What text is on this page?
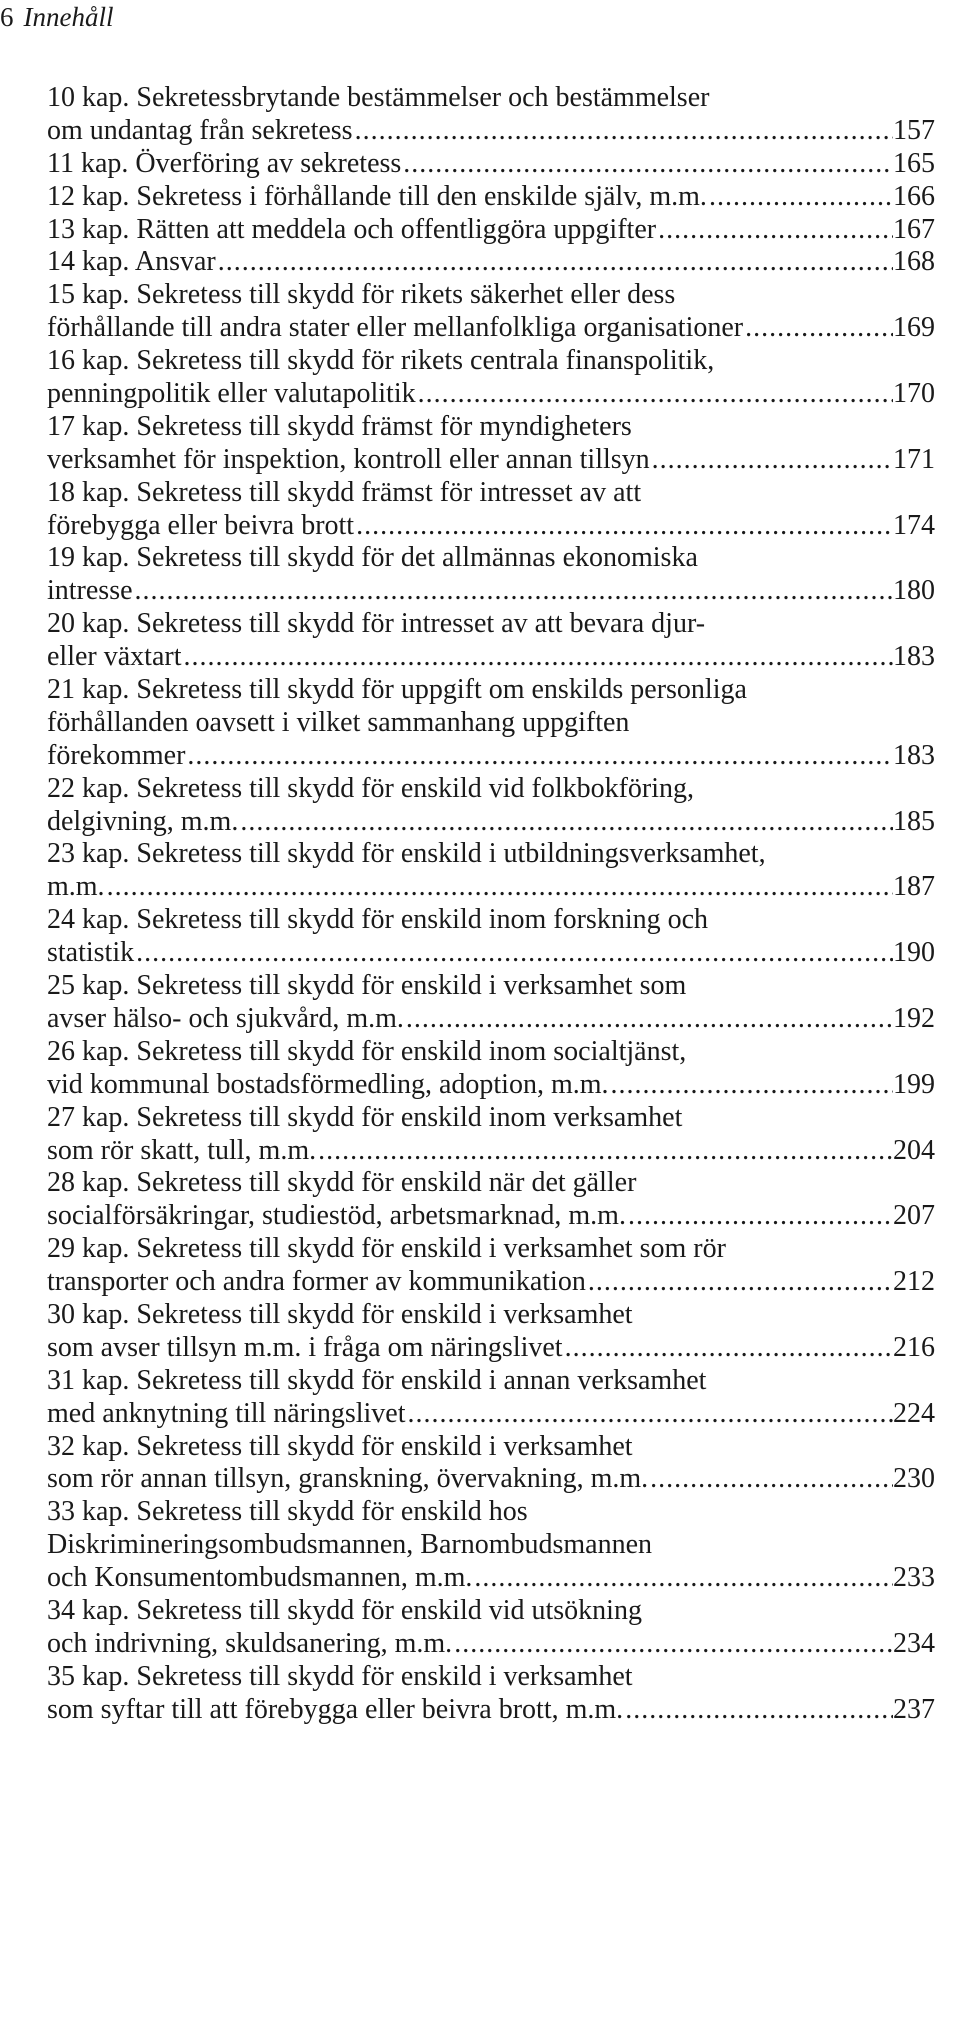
6 Innehåll
10 kap. Sekretessbrytande bestämmelser och bestämmelser
om undantag från sekretess .....	157
11 kap. Överföring av sekretess .....	165
12 kap. Sekretess i förhållande till den enskilde själv, m.m. .....	166
13 kap. Rätten att meddela och offentliggöra uppgifter .....	167
14 kap. Ansvar .....	168
15 kap. Sekretess till skydd för rikets säkerhet eller dess
förhållande till andra stater eller mellanfolkliga organisationer .....	169
16 kap. Sekretess till skydd för rikets centrala finanspolitik,
penningpolitik eller valutapolitik .....	170
17 kap. Sekretess till skydd främst för myndigheters
verksamhet för inspektion, kontroll eller annan tillsyn .....	171
18 kap. Sekretess till skydd främst för intresset av att
förebygga eller beivra brott .....	174
19 kap. Sekretess till skydd för det allmännas ekonomiska
intresse .....	180
20 kap. Sekretess till skydd för intresset av att bevara djur-
eller växtart .....	183
21 kap. Sekretess till skydd för uppgift om enskilds personliga
förhållanden oavsett i vilket sammanhang uppgiften
förekommer .....	183
22 kap. Sekretess till skydd för enskild vid folkbokföring,
delgivning, m.m. .....	185
23 kap. Sekretess till skydd för enskild i utbildningsverksamhet,
m.m. .....	187
24 kap. Sekretess till skydd för enskild inom forskning och
statistik .....	190
25 kap. Sekretess till skydd för enskild i verksamhet som
avser hälso- och sjukvård, m.m. .....	192
26 kap. Sekretess till skydd för enskild inom socialtjänst,
vid kommunal bostadsförmedling, adoption, m.m. .....	199
27 kap. Sekretess till skydd för enskild inom verksamhet
som rör skatt, tull, m.m. .....	204
28 kap. Sekretess till skydd för enskild när det gäller
socialförsäkringar, studiestöd, arbetsmarknad, m.m. .....	207
29 kap. Sekretess till skydd för enskild i verksamhet som rör
transporter och andra former av kommunikation .....	212
30 kap. Sekretess till skydd för enskild i verksamhet
som avser tillsyn m.m. i fråga om näringslivet .....	216
31 kap. Sekretess till skydd för enskild i annan verksamhet
med anknytning till näringslivet .....	224
32 kap. Sekretess till skydd för enskild i verksamhet
som rör annan tillsyn, granskning, övervakning, m.m. .....	230
33 kap. Sekretess till skydd för enskild hos
Diskrimineringsombudsmannen, Barnombudsmannen
och Konsumentombudsmannen, m.m. .....	233
34 kap. Sekretess till skydd för enskild vid utsökning
och indrivning, skuldsanering, m.m. .....	234
35 kap. Sekretess till skydd för enskild i verksamhet
som syftar till att förebygga eller beivra brott, m.m. .....	237
